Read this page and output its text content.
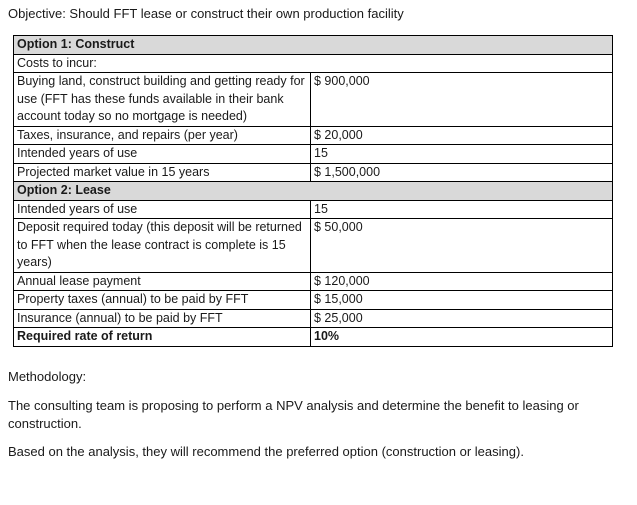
Objective: Should FFT lease or construct their own production facility
Option 1: Construct	
Costs to incur:	
Buying land, construct building and getting ready for use (FFT has these funds available in their bank account today so no mortgage is needed)	$ 900,000
Taxes, insurance, and repairs (per year)	$ 20,000
Intended years of use	15
Projected market value in 15 years	$ 1,500,000
Option 2: Lease	
Intended years of use	15
Deposit required today (this deposit will be returned to FFT when the lease contract is complete is 15 years)	$ 50,000
Annual lease payment	$ 120,000
Property taxes (annual) to be paid by FFT	$ 15,000
Insurance (annual) to be paid by FFT	$ 25,000
Required rate of return	10%
Methodology:
The consulting team is proposing to perform a NPV analysis and determine the benefit to leasing or construction.
Based on the analysis, they will recommend the preferred option (construction or leasing).
